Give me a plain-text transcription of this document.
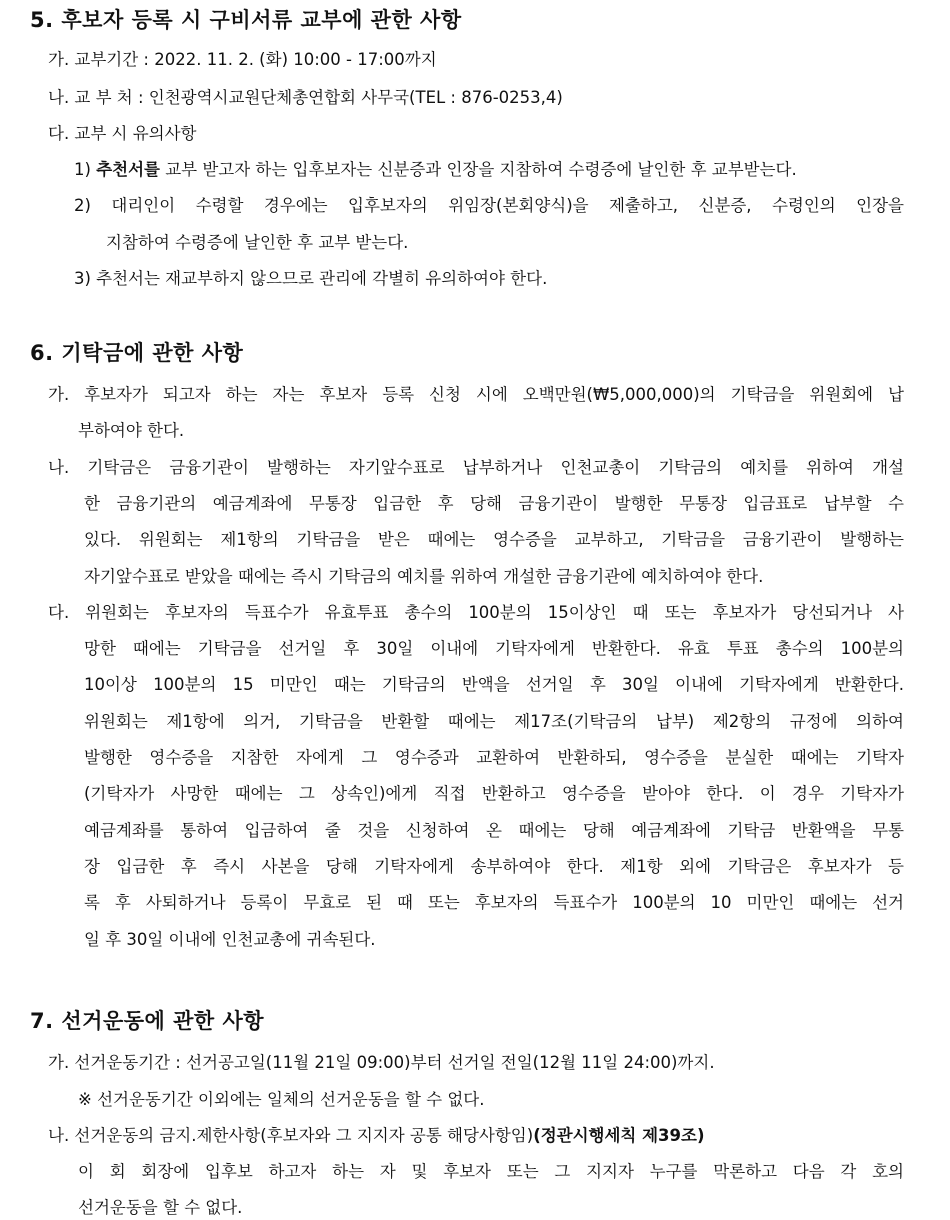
5. 후보자 등록 시 구비서류 교부에 관한 사항
가. 교부기간 : 2022. 11. 2. (화) 10:00 - 17:00까지
나. 교 부 처 : 인천광역시교원단체총연합회 사무국(TEL : 876-0253,4)
다. 교부 시 유의사항
1) 추천서를 교부 받고자 하는 입후보자는 신분증과 인장을 지참하여 수령증에 날인한 후 교부받는다.
2) 대리인이 수령할 경우에는 입후보자의 위임장(본회양식)을 제출하고, 신분증, 수령인의 인장을
지참하여 수령증에 날인한 후 교부 받는다.
3) 추천서는 재교부하지 않으므로 관리에 각별히 유의하여야 한다.
6. 기탁금에 관한 사항
가. 후보자가 되고자 하는 자는 후보자 등록 신청 시에 오백만원(₩5,000,000)의 기탁금을 위원회에 납
부하여야 한다.
나. 기탁금은 금융기관이 발행하는 자기앞수표로 납부하거나 인천교총이 기탁금의 예치를 위하여 개설
한 금융기관의 예금계좌에 무통장 입금한 후 당해 금융기관이 발행한 무통장 입금표로 납부할 수
있다. 위원회는 제1항의 기탁금을 받은 때에는 영수증을 교부하고, 기탁금을 금융기관이 발행하는
자기앞수표로 받았을 때에는 즉시 기탁금의 예치를 위하여 개설한 금융기관에 예치하여야 한다.
다. 위원회는 후보자의 득표수가 유효투표 총수의 100분의 15이상인 때 또는 후보자가 당선되거나 사
망한 때에는 기탁금을 선거일 후 30일 이내에 기탁자에게 반환한다. 유효 투표 총수의 100분의
10이상 100분의 15 미만인 때는 기탁금의 반액을 선거일 후 30일 이내에 기탁자에게 반환한다.
위원회는 제1항에 의거, 기탁금을 반환할 때에는 제17조(기탁금의 납부) 제2항의 규정에 의하여
발행한 영수증을 지참한 자에게 그 영수증과 교환하여 반환하되, 영수증을 분실한 때에는 기탁자
(기탁자가 사망한 때에는 그 상속인)에게 직접 반환하고 영수증을 받아야 한다. 이 경우 기탁자가
예금계좌를 통하여 입금하여 줄 것을 신청하여 온 때에는 당해 예금계좌에 기탁금 반환액을 무통
장 입금한 후 즉시 사본을 당해 기탁자에게 송부하여야 한다. 제1항 외에 기탁금은 후보자가 등
록 후 사퇴하거나 등록이 무효로 된 때 또는 후보자의 득표수가 100분의 10 미만인 때에는 선거
일 후 30일 이내에 인천교총에 귀속된다.
7. 선거운동에 관한 사항
가. 선거운동기간 : 선거공고일(11월 21일 09:00)부터 선거일 전일(12월 11일 24:00)까지.
※ 선거운동기간 이외에는 일체의 선거운동을 할 수 없다.
나. 선거운동의 금지.제한사항(후보자와 그 지지자 공통 해당사항임)(정관시행세칙 제39조)
이 회 회장에 입후보 하고자 하는 자 및 후보자 또는 그 지지자 누구를 막론하고 다음 각 호의
선거운동을 할 수 없다.
